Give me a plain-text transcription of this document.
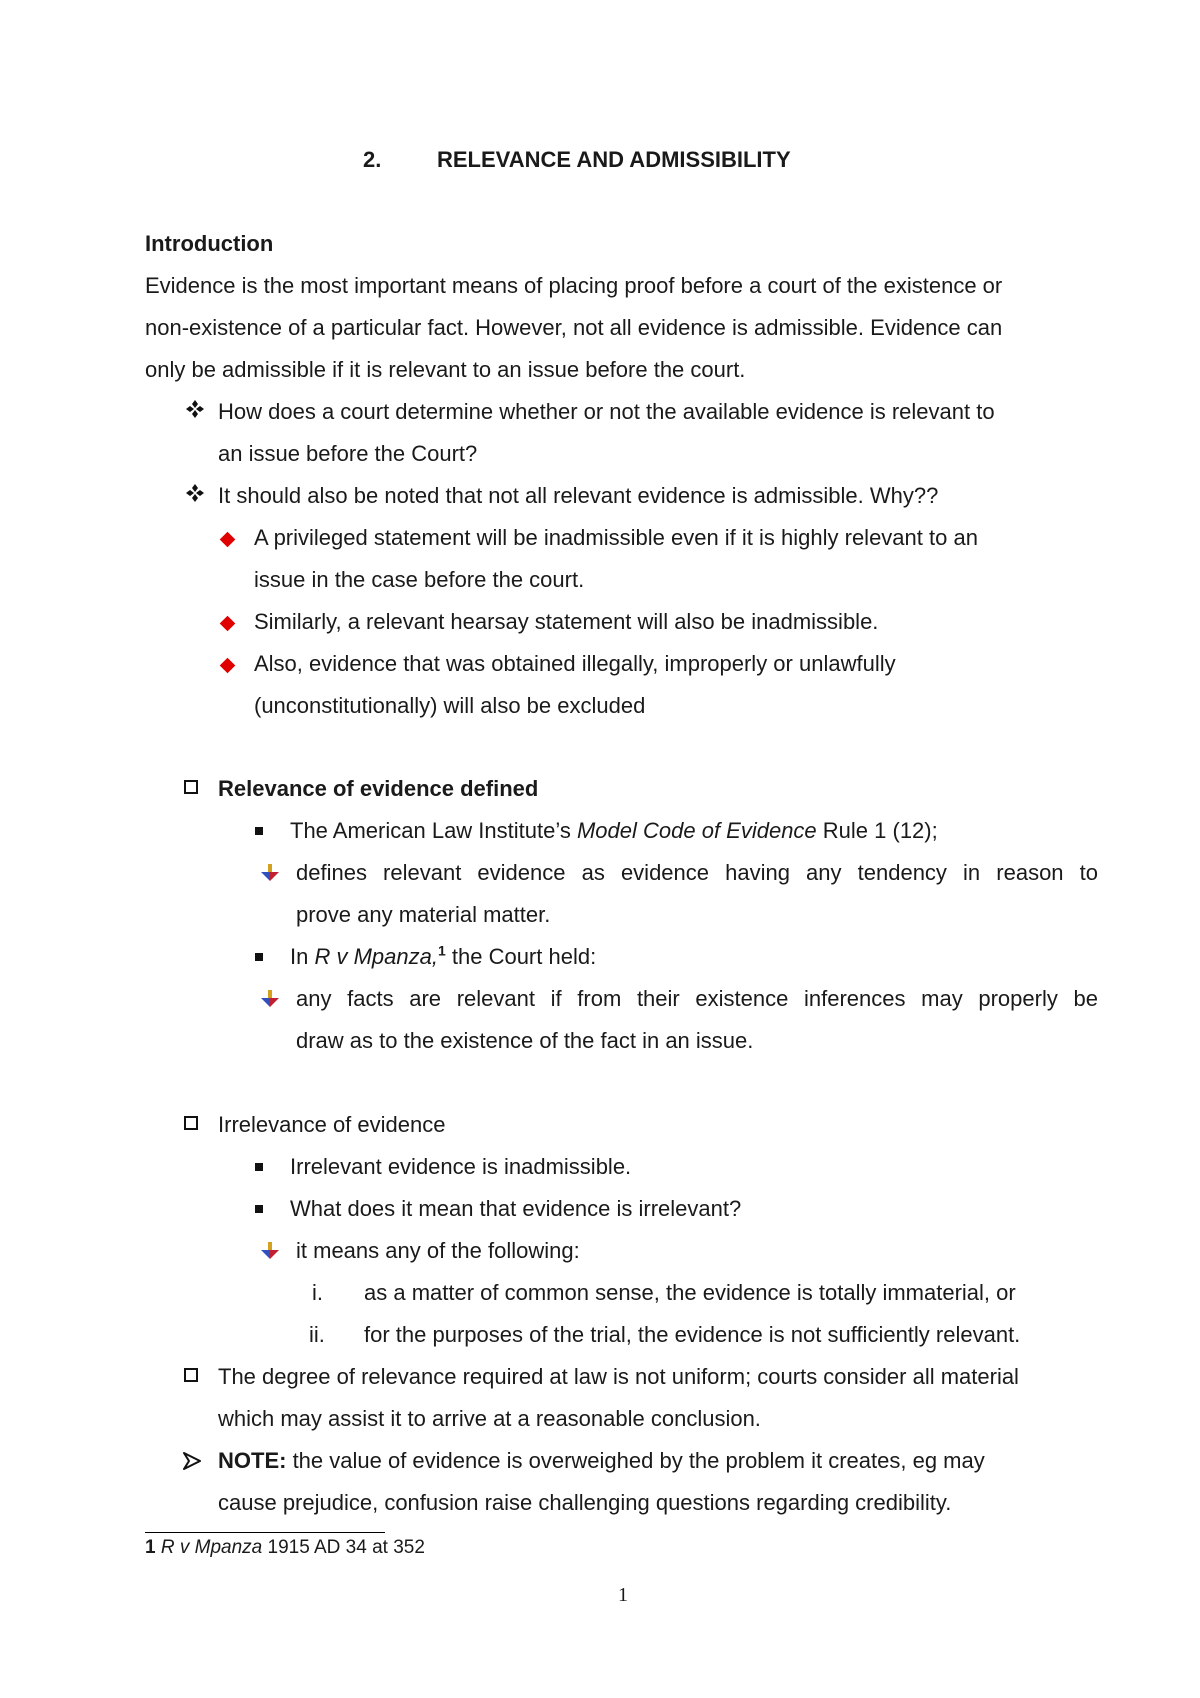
2.	RELEVANCE AND ADMISSIBILITY
Introduction
Evidence is the most important means of placing proof before a court of the existence or
non-existence of a particular fact. However, not all evidence is admissible. Evidence can
only be admissible if it is relevant to an issue before the court.
How does a court determine whether or not the available evidence is relevant to
an issue before the Court?
It should also be noted that not all relevant evidence is admissible. Why??
A privileged statement will be inadmissible even if it is highly relevant to an
issue in the case before the court.
Similarly, a relevant hearsay statement will also be inadmissible.
Also, evidence that was obtained illegally, improperly or unlawfully
(unconstitutionally) will also be excluded
Relevance of evidence defined
The American Law Institute’s Model Code of Evidence Rule 1 (12);
defines relevant evidence as evidence having any tendency in reason to
prove any material matter.
In R v Mpanza,$^1$ the Court held:
any facts are relevant if from their existence inferences may properly be
draw as to the existence of the fact in an issue.
Irrelevance of evidence
Irrelevant evidence is inadmissible.
What does it mean that evidence is irrelevant?
it means any of the following:
i. as a matter of common sense, the evidence is totally immaterial, or
ii. for the purposes of the trial, the evidence is not sufficiently relevant.
The degree of relevance required at law is not uniform; courts consider all material
which may assist it to arrive at a reasonable conclusion.
NOTE: the value of evidence is overweighed by the problem it creates, eg may
cause prejudice, confusion raise challenging questions regarding credibility.
1 R v Mpanza 1915 AD 34 at 352
1
